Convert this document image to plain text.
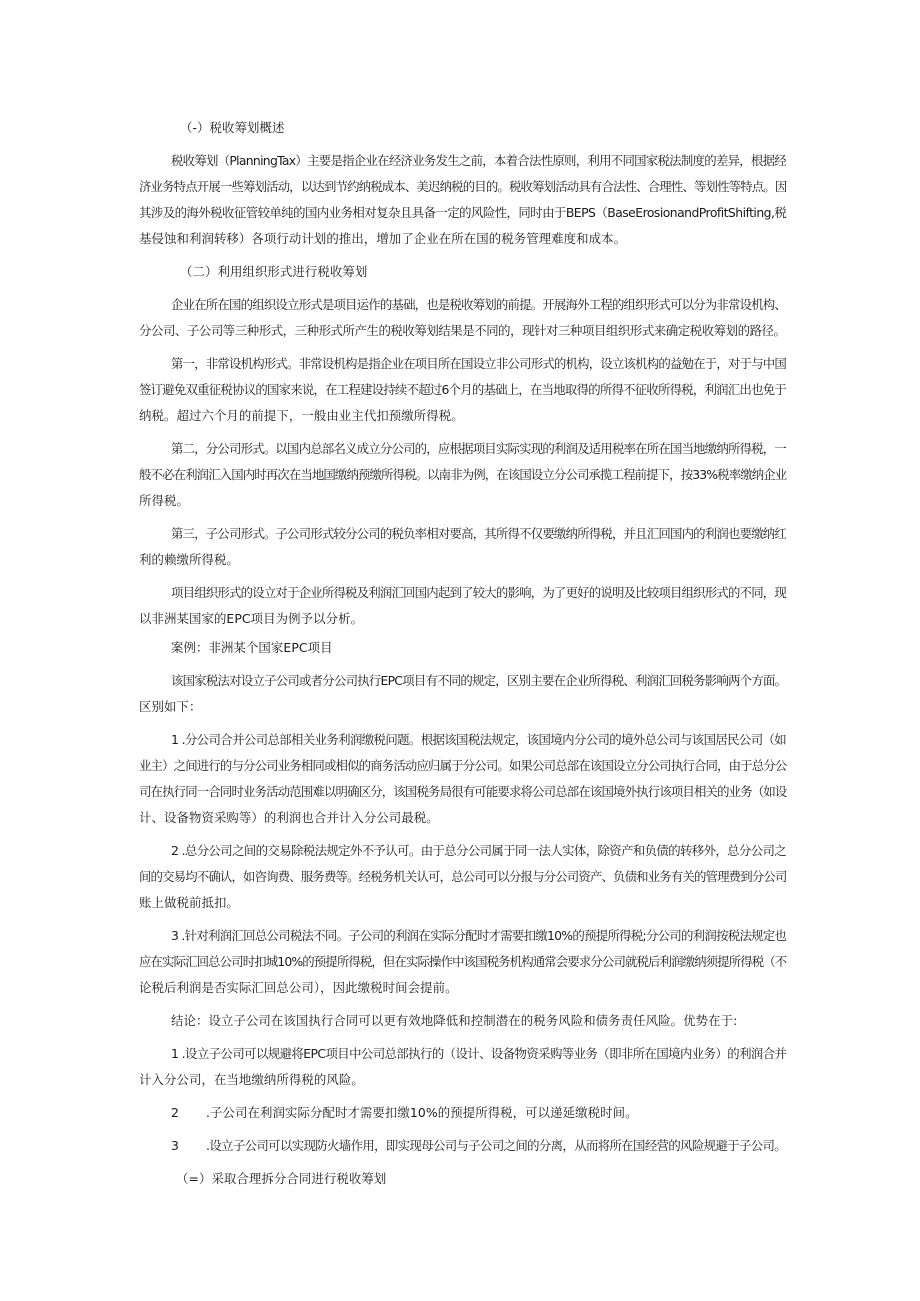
（-）税收筹划概述
税收筹划（PlanningTax）主要是指企业在经济业务发生之前，本着合法性原则，利用不同国家税法制度的差异，根据经
济业务特点开展一些筹划活动，以达到节约纳税成本、美迟纳税的目的。税收筹划活动具有合法性、合理性、等划性等特点。因
其涉及的海外税收征管较单纯的国内业务相对复杂且具备一定的风险性，同时由于BEPS（BaseErosionandProfitShifting,税
基侵蚀和利润转移）各项行动计划的推出，增加了企业在所在国的税务管理难度和成本。
（二）利用组织形式进行税收筹划
企业在所在国的组织设立形式是项目运作的基础，也是税收筹划的前提。开展海外工程的组织形式可以分为非常设机构、
分公司、子公司等三种形式，三种形式所产生的税收筹划结果是不同的，现针对三种项目组织形式来确定税收筹划的路径。
第一，非常设机构形式。非常设机构是指企业在项目所在国设立非公司形式的机构，设立该机构的益勉在于，对于与中国
签订避免双重征税协议的国家来说，在工程建设持续不超过6个月的基础上，在当地取得的所得不征收所得税，利润汇出也免于
纳税。超过六个月的前提下，一般由业主代扣预缴所得税。
第二，分公司形式。以国内总部名义成立分公司的，应根据项目实际实现的利润及适用税率在所在国当地缴纳所得税，一
般不必在利润汇入国内时再次在当地国缴纳预缴所得税。以南非为例，在该国设立分公司承揽工程前提下，按33%税率缴纳企业
所得税。
第三，子公司形式。子公司形式较分公司的税负率相对要高，其所得不仅要缴纳所得税，并且汇回国内的利润也要缴纳红
利的赖缴所得税。
项目组织形式的设立对于企业所得税及利润汇回国内起到了较大的影响，为了更好的说明及比较项目组织形式的不同，现
以非洲某国家的EPC项目为例予以分析。
案例：非洲某个国家EPC项目
该国家税法对设立子公司或者分公司执行EPC项目有不同的规定，区别主要在企业所得税、利润汇回税务影响两个方面。
区别如下：
1 .分公司合并公司总部相关业务利润缴税问题。根据该国税法规定，该国境内分公司的境外总公司与该国居民公司（如
业主）之间进行的与分公司业务相同或相似的商务活动应归属于分公司。如果公司总部在该国设立分公司执行合同，由于总分公
司在执行同一合同时业务活动范围难以明确区分，该国税务局很有可能要求将公司总部在该国境外执行该项目相关的业务（如设
计、设备物资采购等）的利润也合并计入分公司最税。
2 .总分公司之间的交易除税法规定外不予认可。由于总分公司属于同一法人实体，除资产和负债的转移外，总分公司之
间的交易均不确认，如咨询费、服务费等。经税务机关认可，总公司可以分报与分公司资产、负债和业务有关的管理费到分公司
账上做税前抵扣。
3 .针对利润汇回总公司税法不同。子公司的利润在实际分配时才需要扣缴10%的预提所得税;分公司的利润按税法规定也
应在实际汇回总公司时扣城10%的预提所得税，但在实际操作中该国税务机构通常会要求分公司就税后利润缴纳须提所得税（不
论税后利润是否实际汇回总公司），因此缴税时间会提前。
结论：设立子公司在该国执行合同可以更有效地降低和控制潜在的税务风险和债务责任风险。优势在于:
1 .设立子公司可以规避将EPC项目中公司总部执行的（设计、设备物资采购等业务（即非所在国境内业务）的利润合并
计入分公司，在当地缴纳所得税的风险。
2 .子公司在利润实际分配时才需要扣缴10%的预提所得税，可以递延缴税时间。
3 .设立子公司可以实现防火墙作用，即实现母公司与子公司之间的分离，从而将所在国经营的风险规避于子公司。
（=）采取合理拆分合同进行税收筹划
